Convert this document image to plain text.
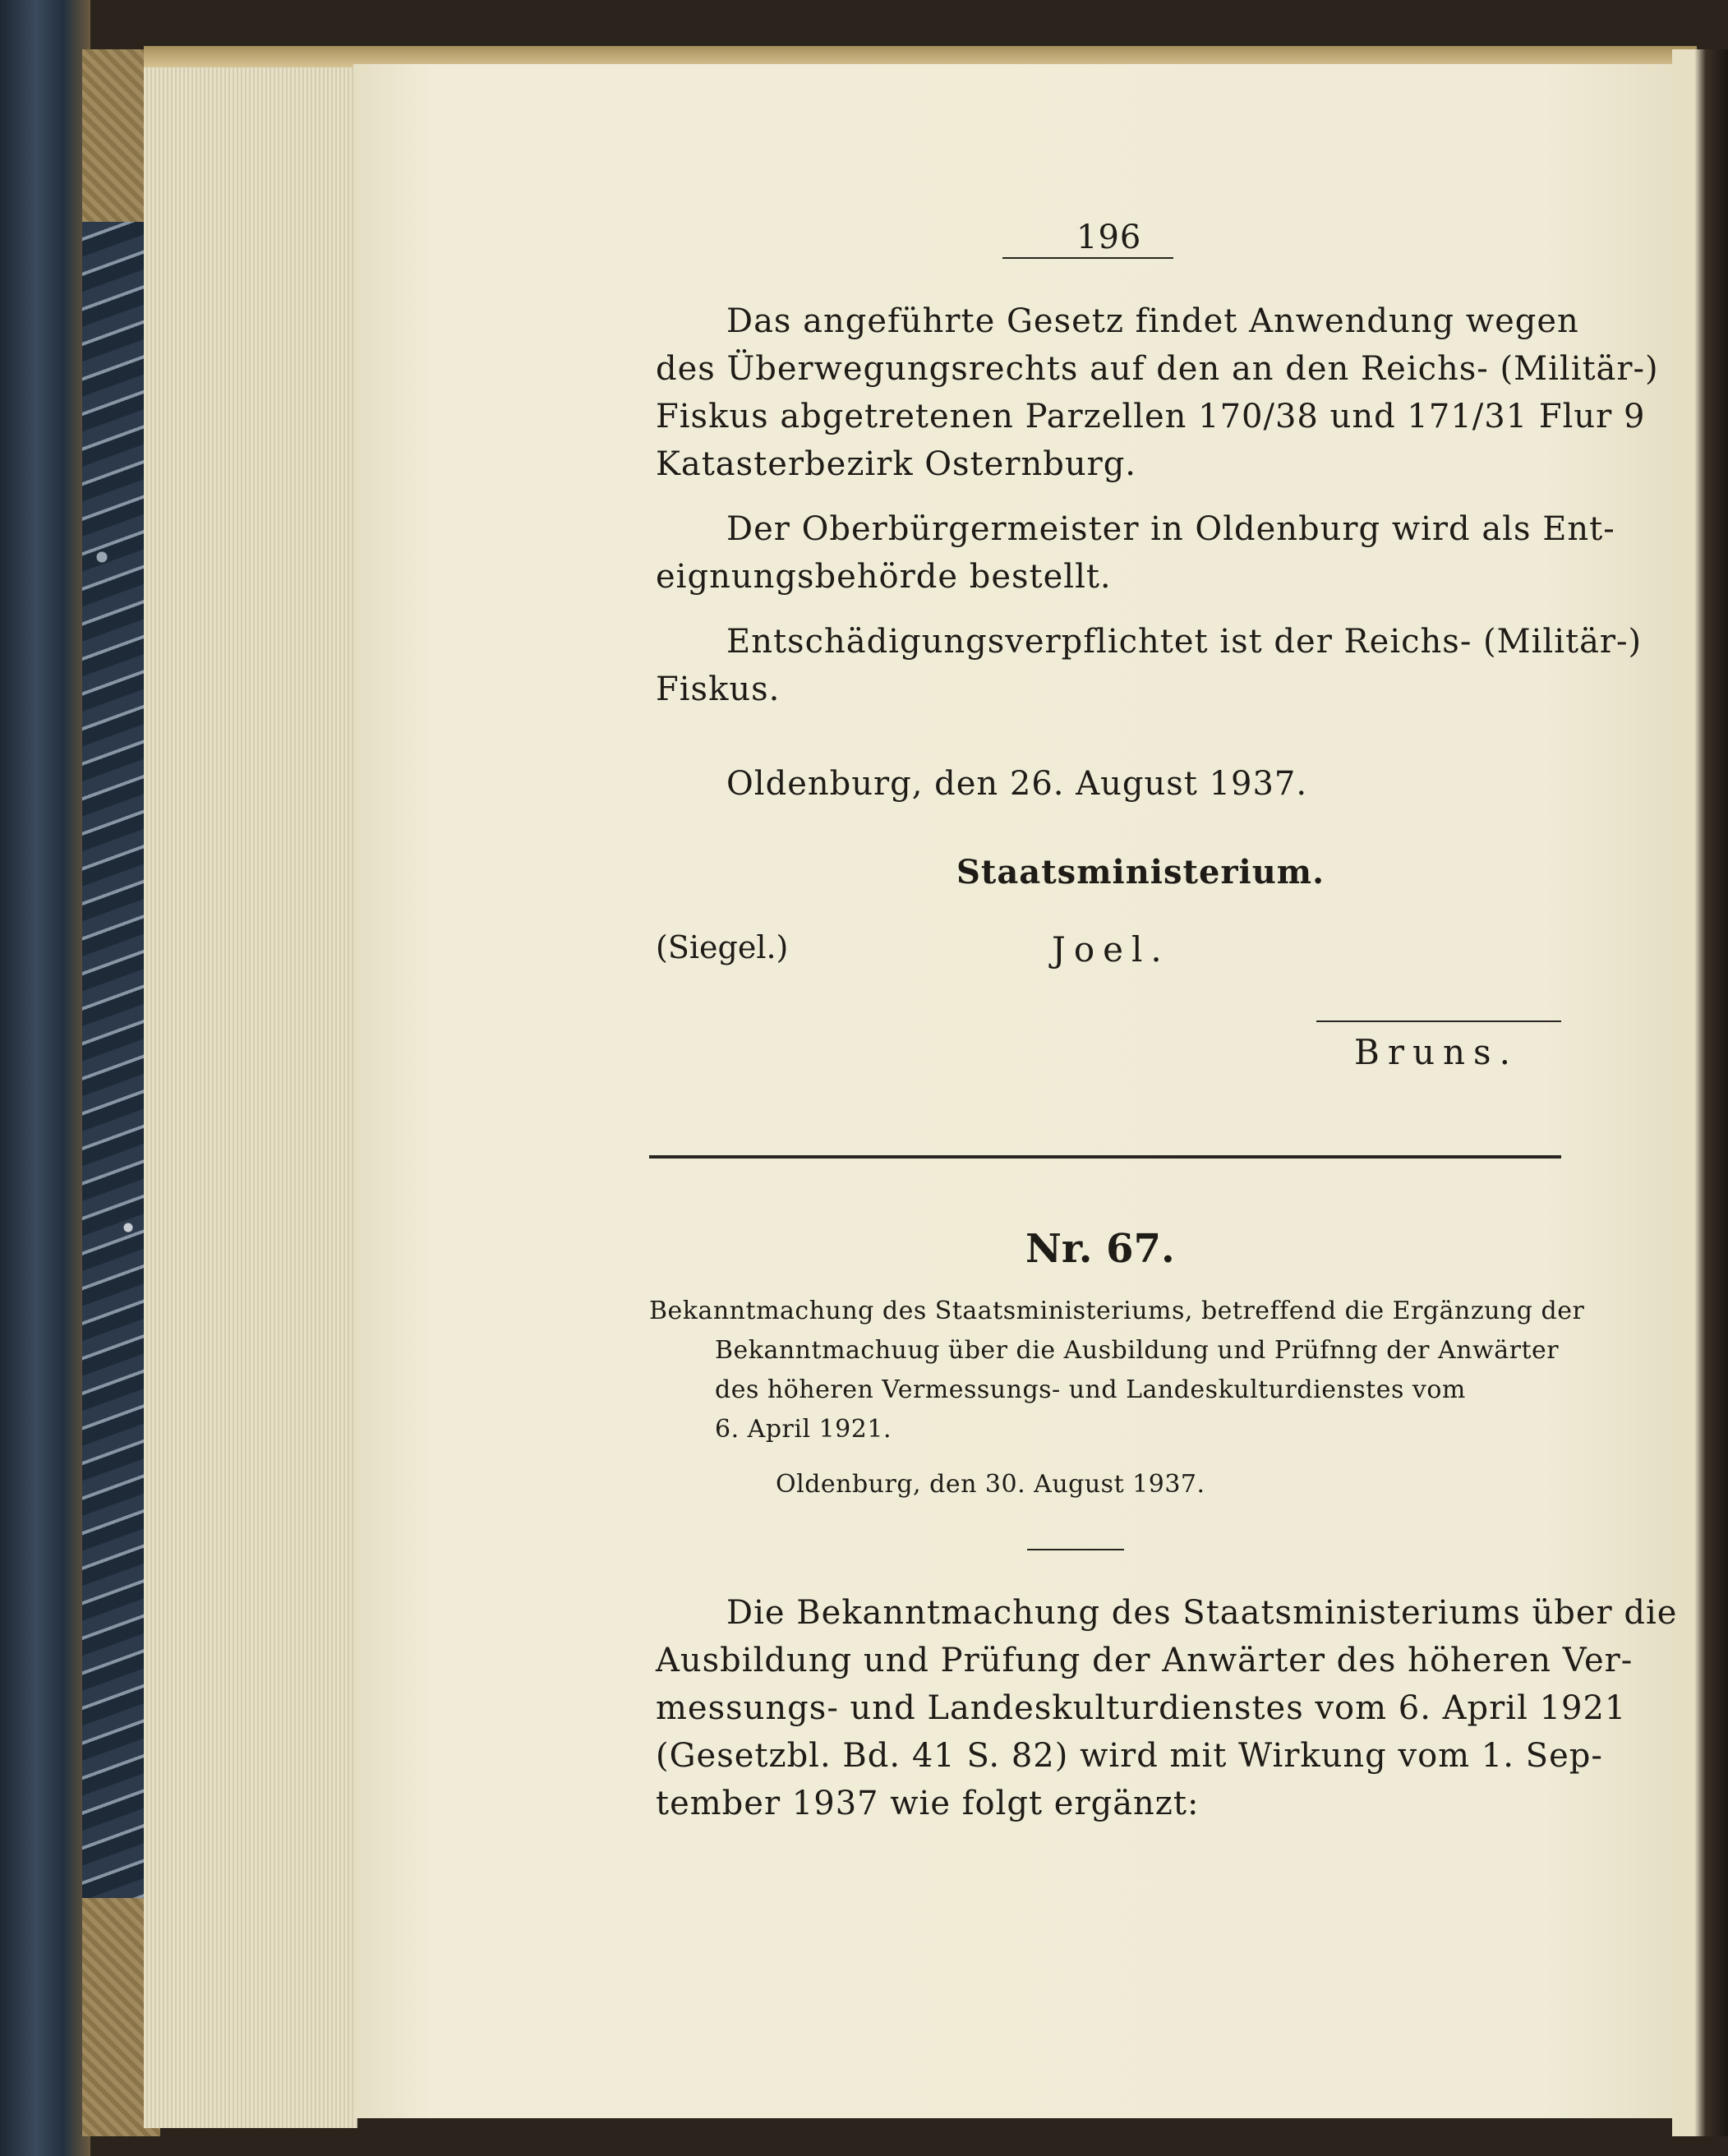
196
Das angeführte Gesetz findet Anwendung wegen
des Überwegungsrechts auf den an den Reichs- (Militär-)
Fiskus abgetretenen Parzellen 170/38 und 171/31 Flur 9
Katasterbezirk Osternburg.
Der Oberbürgermeister in Oldenburg wird als Ent-
eignungsbehörde bestellt.
Entschädigungsverpflichtet ist der Reichs- (Militär-)
Fiskus.
Oldenburg, den 26. August 1937.
Staatsministerium.
(Siegel.)	Joel.
Bruns.
Nr. 67.
Bekanntmachung des Staatsministeriums, betreffend die Ergänzung der
Bekanntmachuug über die Ausbildung und Prüfnng der Anwärter
des höheren Vermessungs- und Landeskulturdienstes vom
6. April 1921.
Oldenburg, den 30. August 1937.
Die Bekanntmachung des Staatsministeriums über die
Ausbildung und Prüfung der Anwärter des höheren Ver-
messungs- und Landeskulturdienstes vom 6. April 1921
(Gesetzbl. Bd. 41 S. 82) wird mit Wirkung vom 1. Sep-
tember 1937 wie folgt ergänzt:
